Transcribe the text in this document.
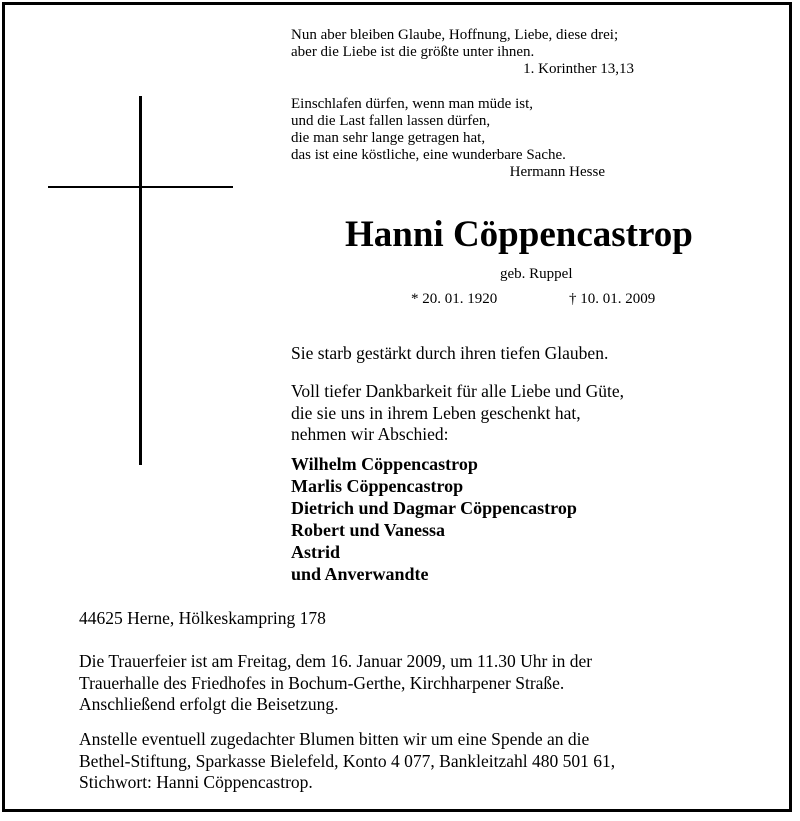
Nun aber bleiben Glaube, Hoffnung, Liebe, diese drei;
aber die Liebe ist die größte unter ihnen.
1. Korinther 13,13
Einschlafen dürfen, wenn man müde ist,
und die Last fallen lassen dürfen,
die man sehr lange getragen hat,
das ist eine köstliche, eine wunderbare Sache.
Hermann Hesse
Hanni Cöppencastrop
geb. Ruppel
* 20. 01. 1920	† 10. 01. 2009
Sie starb gestärkt durch ihren tiefen Glauben.
Voll tiefer Dankbarkeit für alle Liebe und Güte,
die sie uns in ihrem Leben geschenkt hat,
nehmen wir Abschied:
Wilhelm Cöppencastrop
Marlis Cöppencastrop
Dietrich und Dagmar Cöppencastrop
Robert und Vanessa
Astrid
und Anverwandte
44625 Herne, Hölkeskampring 178
Die Trauerfeier ist am Freitag, dem 16. Januar 2009, um 11.30 Uhr in der
Trauerhalle des Friedhofes in Bochum-Gerthe, Kirchharpener Straße.
Anschließend erfolgt die Beisetzung.
Anstelle eventuell zugedachter Blumen bitten wir um eine Spende an die
Bethel-Stiftung, Sparkasse Bielefeld, Konto 4 077, Bankleitzahl 480 501 61,
Stichwort: Hanni Cöppencastrop.
